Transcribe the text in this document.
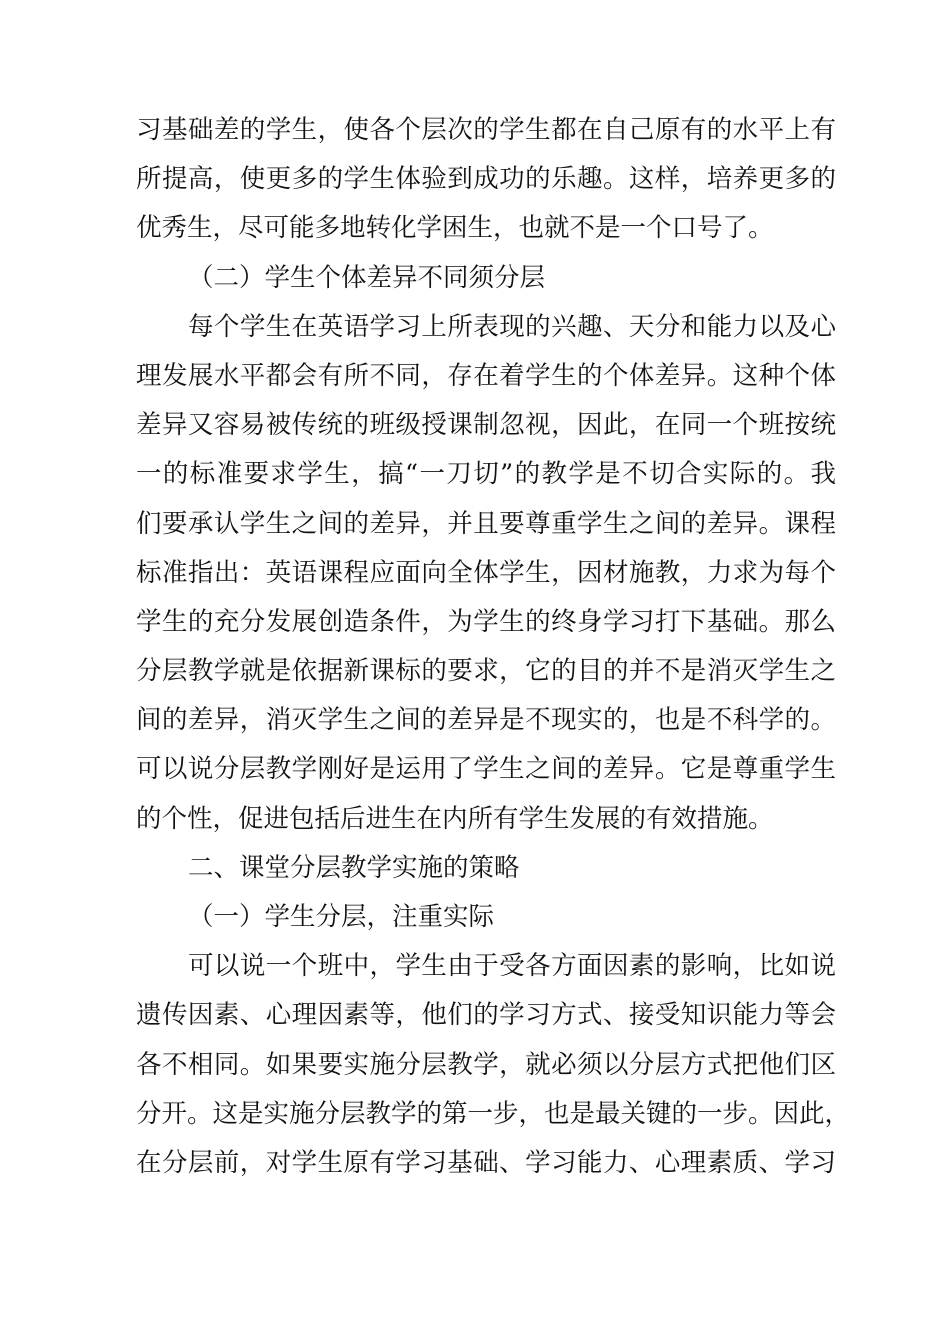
习基础差的学生，使各个层次的学生都在自己原有的水平上有
所提高，使更多的学生体验到成功的乐趣。这样，培养更多的
优秀生，尽可能多地转化学困生，也就不是一个口号了。
（二）学生个体差异不同须分层
每个学生在英语学习上所表现的兴趣、天分和能力以及心
理发展水平都会有所不同，存在着学生的个体差异。这种个体
差异又容易被传统的班级授课制忽视，因此，在同一个班按统
一的标准要求学生，搞“一刀切”的教学是不切合实际的。我
们要承认学生之间的差异，并且要尊重学生之间的差异。课程
标准指出：英语课程应面向全体学生，因材施教，力求为每个
学生的充分发展创造条件，为学生的终身学习打下基础。那么
分层教学就是依据新课标的要求，它的目的并不是消灭学生之
间的差异，消灭学生之间的差异是不现实的，也是不科学的。
可以说分层教学刚好是运用了学生之间的差异。它是尊重学生
的个性，促进包括后进生在内所有学生发展的有效措施。
二、课堂分层教学实施的策略
（一）学生分层，注重实际
可以说一个班中，学生由于受各方面因素的影响，比如说
遗传因素、心理因素等，他们的学习方式、接受知识能力等会
各不相同。如果要实施分层教学，就必须以分层方式把他们区
分开。这是实施分层教学的第一步，也是最关键的一步。因此，
在分层前，对学生原有学习基础、学习能力、心理素质、学习
